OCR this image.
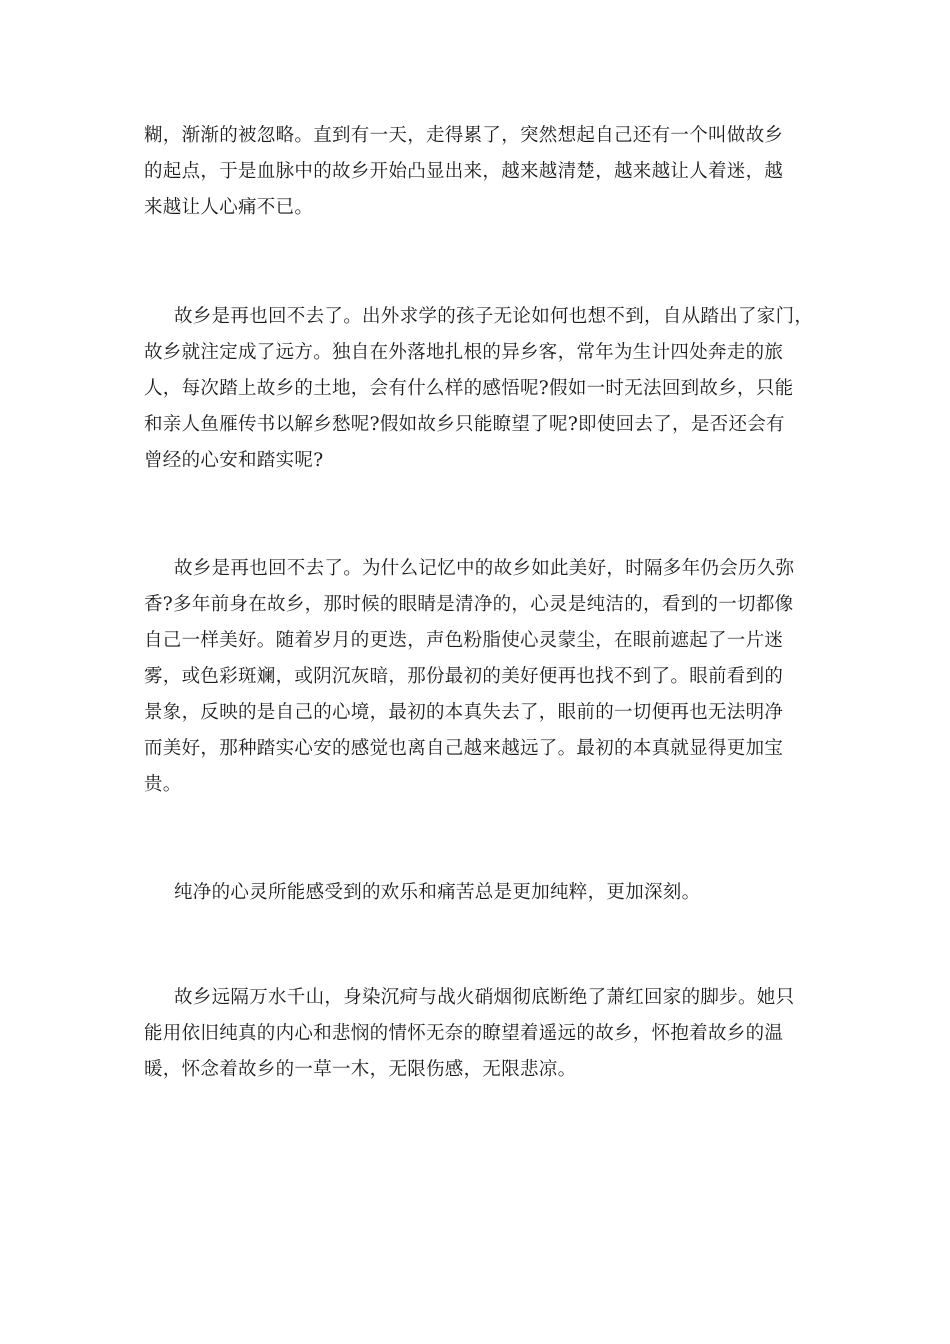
糊，渐渐的被忽略。直到有一天，走得累了，突然想起自己还有一个叫做故乡
的起点，于是血脉中的故乡开始凸显出来，越来越清楚，越来越让人着迷，越
来越让人心痛不已。

故乡是再也回不去了。出外求学的孩子无论如何也想不到，自从踏出了家门，
故乡就注定成了远方。独自在外落地扎根的异乡客，常年为生计四处奔走的旅
人，每次踏上故乡的土地，会有什么样的感悟呢?假如一时无法回到故乡，只能
和亲人鱼雁传书以解乡愁呢?假如故乡只能瞭望了呢?即使回去了，是否还会有
曾经的心安和踏实呢?

故乡是再也回不去了。为什么记忆中的故乡如此美好，时隔多年仍会历久弥
香?多年前身在故乡，那时候的眼睛是清净的，心灵是纯洁的，看到的一切都像
自己一样美好。随着岁月的更迭，声色粉脂使心灵蒙尘，在眼前遮起了一片迷
雾，或色彩斑斓，或阴沉灰暗，那份最初的美好便再也找不到了。眼前看到的
景象，反映的是自己的心境，最初的本真失去了，眼前的一切便再也无法明净
而美好，那种踏实心安的感觉也离自己越来越远了。最初的本真就显得更加宝
贵。

纯净的心灵所能感受到的欢乐和痛苦总是更加纯粹，更加深刻。

故乡远隔万水千山，身染沉疴与战火硝烟彻底断绝了萧红回家的脚步。她只
能用依旧纯真的内心和悲悯的情怀无奈的瞭望着遥远的故乡，怀抱着故乡的温
暖，怀念着故乡的一草一木，无限伤感，无限悲凉。
